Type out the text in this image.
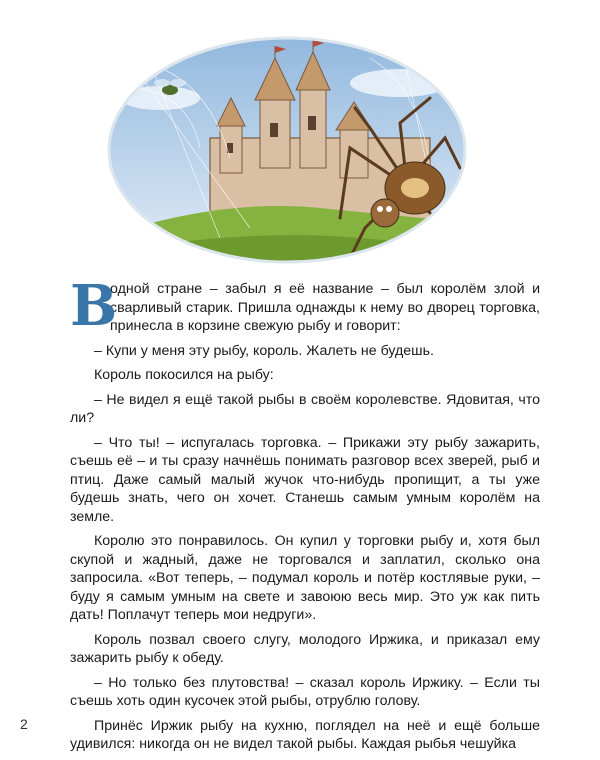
В
одной стране – забыл я её название – был королём злой и сварливый старик. Пришла однажды к нему во дворец торговка, принесла в корзине свежую рыбу и говорит:

– Купи у меня эту рыбу, король. Жалеть не будешь.

Король покосился на рыбу:

– Не видел я ещё такой рыбы в своём королевстве. Ядовитая, что ли?

– Что ты! – испугалась торговка. – Прикажи эту рыбу зажарить, съешь её – и ты сразу начнёшь понимать разговор всех зверей, рыб и птиц. Даже самый малый жучок что-нибудь пропищит, а ты уже будешь знать, чего он хочет. Станешь самым умным королём на земле.

Королю это понравилось. Он купил у торговки рыбу и, хотя был скупой и жадный, даже не торговался и заплатил, сколько она запросила. «Вот теперь, – подумал король и потёр костлявые руки, – буду я самым умным на свете и завоюю весь мир. Это уж как пить дать! Поплачут теперь мои недруги».

Король позвал своего слугу, молодого Иржика, и приказал ему зажарить рыбу к обеду.

– Но только без плутовства! – сказал король Иржику. – Если ты съешь хоть один кусочек этой рыбы, отрублю голову.

Принёс Иржик рыбу на кухню, поглядел на неё и ещё больше удивился: никогда он не видел такой рыбы. Каждая рыбья чешуйка

2
